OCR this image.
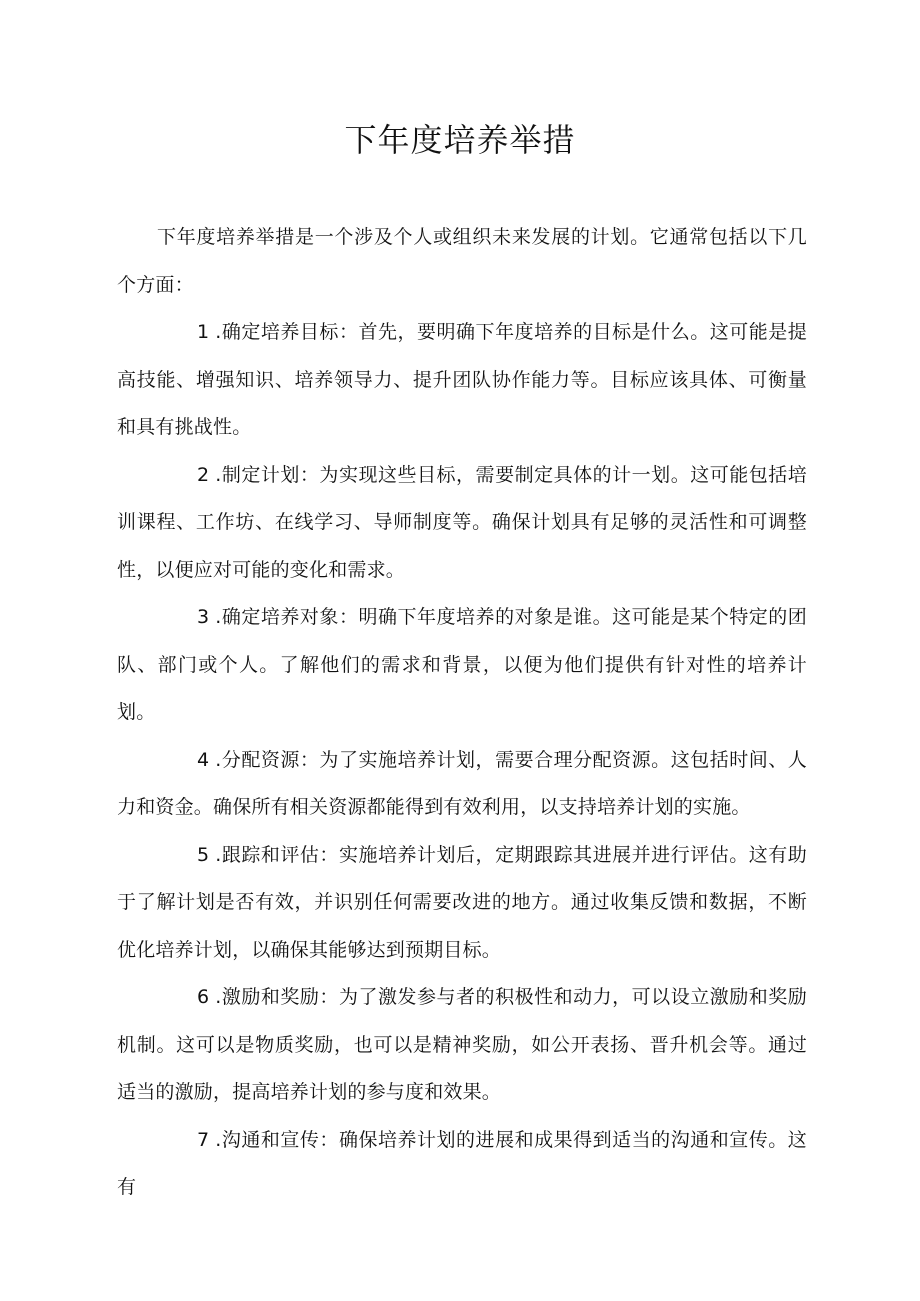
下年度培养举措

下年度培养举措是一个涉及个人或组织未来发展的计划。它通常包括以下几个方面：

1 .确定培养目标：首先，要明确下年度培养的目标是什么。这可能是提高技能、增强知识、培养领导力、提升团队协作能力等。目标应该具体、可衡量和具有挑战性。

2 .制定计划：为实现这些目标，需要制定具体的计一划。这可能包括培训课程、工作坊、在线学习、导师制度等。确保计划具有足够的灵活性和可调整性，以便应对可能的变化和需求。

3 .确定培养对象：明确下年度培养的对象是谁。这可能是某个特定的团队、部门或个人。了解他们的需求和背景，以便为他们提供有针对性的培养计划。

4 .分配资源：为了实施培养计划，需要合理分配资源。这包括时间、人力和资金。确保所有相关资源都能得到有效利用，以支持培养计划的实施。

5 .跟踪和评估：实施培养计划后，定期跟踪其进展并进行评估。这有助于了解计划是否有效，并识别任何需要改进的地方。通过收集反馈和数据，不断优化培养计划，以确保其能够达到预期目标。

6 .激励和奖励：为了激发参与者的积极性和动力，可以设立激励和奖励机制。这可以是物质奖励，也可以是精神奖励，如公开表扬、晋升机会等。通过适当的激励，提高培养计划的参与度和效果。

7 .沟通和宣传：确保培养计划的进展和成果得到适当的沟通和宣传。这有
